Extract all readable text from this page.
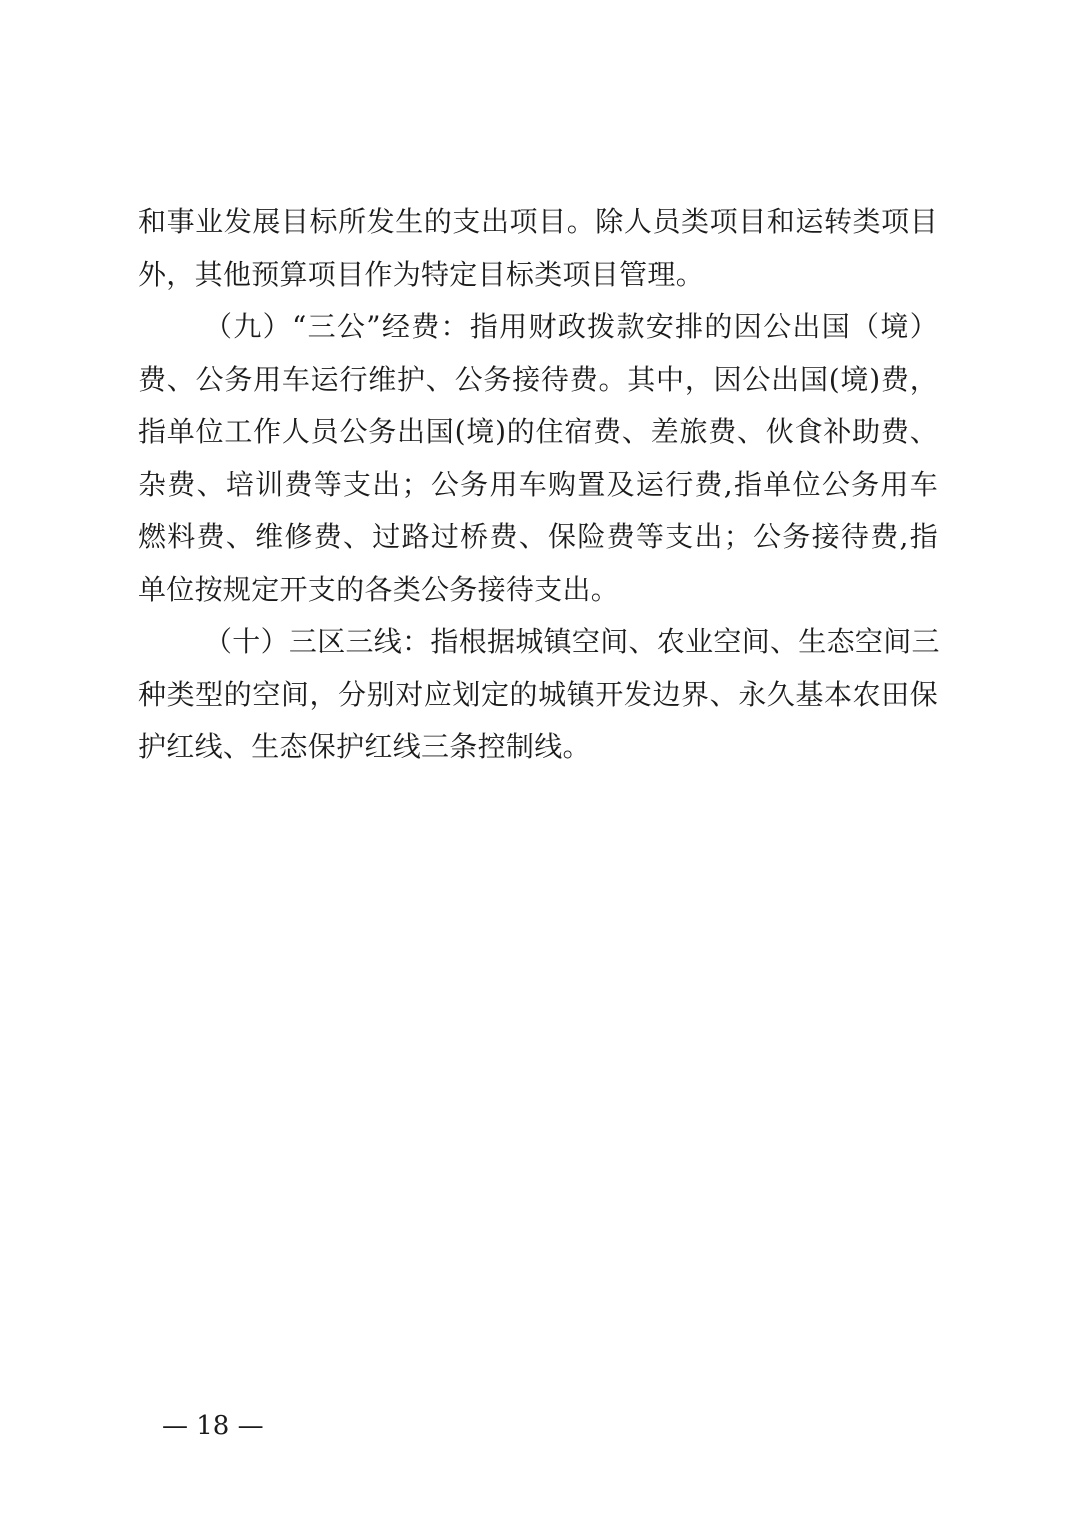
和事业发展目标所发生的支出项目。除人员类项目和运转类项目
外，其他预算项目作为特定目标类项目管理。
（九）“三公”经费：指用财政拨款安排的因公出国（境）
费、公务用车运行维护、公务接待费。其中，因公出国(境)费，
指单位工作人员公务出国(境)的住宿费、差旅费、伙食补助费、
杂费、培训费等支出；公务用车购置及运行费,指单位公务用车
燃料费、维修费、过路过桥费、保险费等支出；公务接待费,指
单位按规定开支的各类公务接待支出。
（十）三区三线：指根据城镇空间、农业空间、生态空间三
种类型的空间，分别对应划定的城镇开发边界、永久基本农田保
护红线、生态保护红线三条控制线。
— 18 —
